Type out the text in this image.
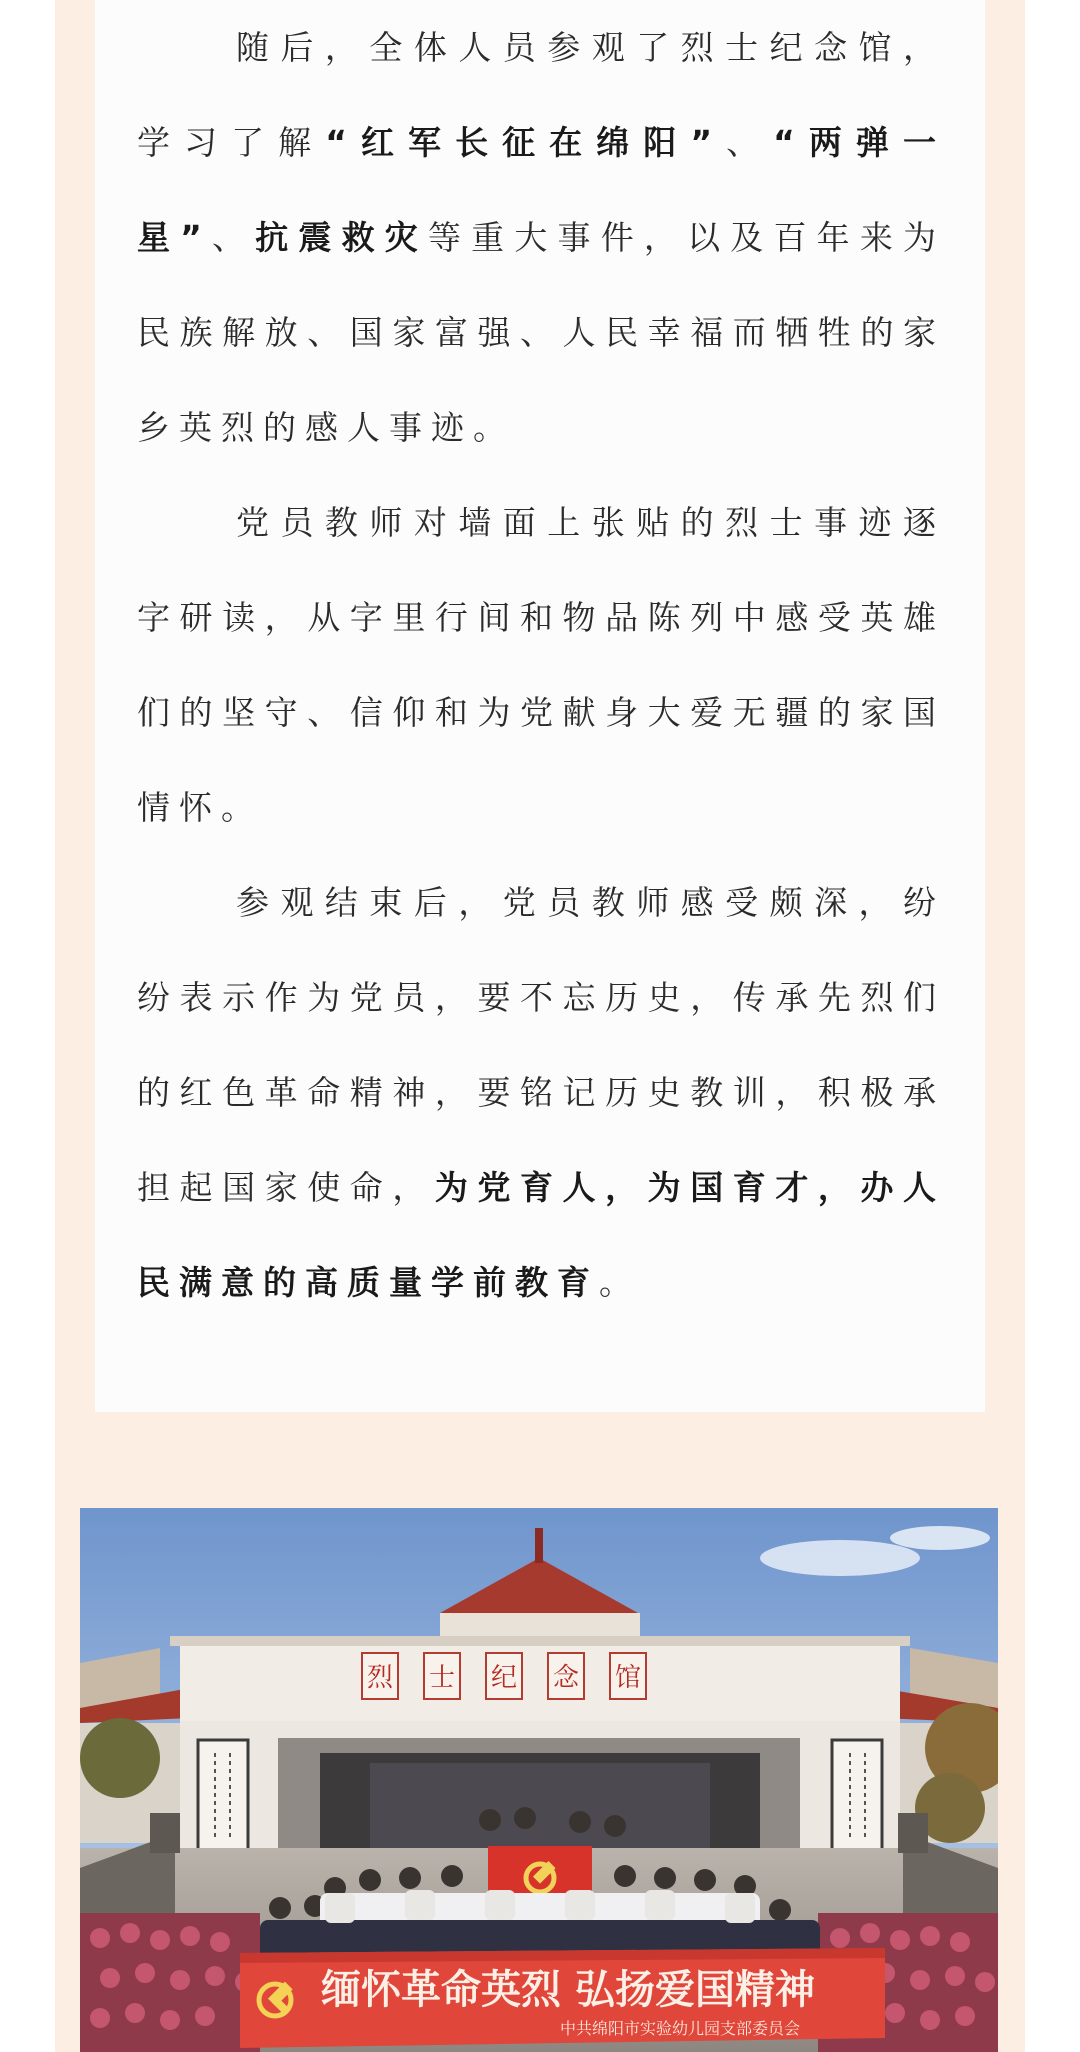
随后，全体人员参观了烈士纪念馆，学习了解“红军长征在绵阳”、“两弹一星”、抗震救灾等重大事件，以及百年来为民族解放、国家富强、人民幸福而牺牲的家乡英烈的感人事迹。

党员教师对墙面上张贴的烈士事迹逐字研读，从字里行间和物品陈列中感受英雄们的坚守、信仰和为党献身大爱无疆的家国情怀。

参观结束后，党员教师感受颇深，纷纷表示作为党员，要不忘历史，传承先烈们的红色革命精神，要铭记历史教训，积极承担起国家使命，为党育人，为国育才，办人民满意的高质量学前教育。

烈 士 纪 念 馆
缅怀革命英烈 弘扬爱国精神
中共绵阳市实验幼儿园支部委员会
